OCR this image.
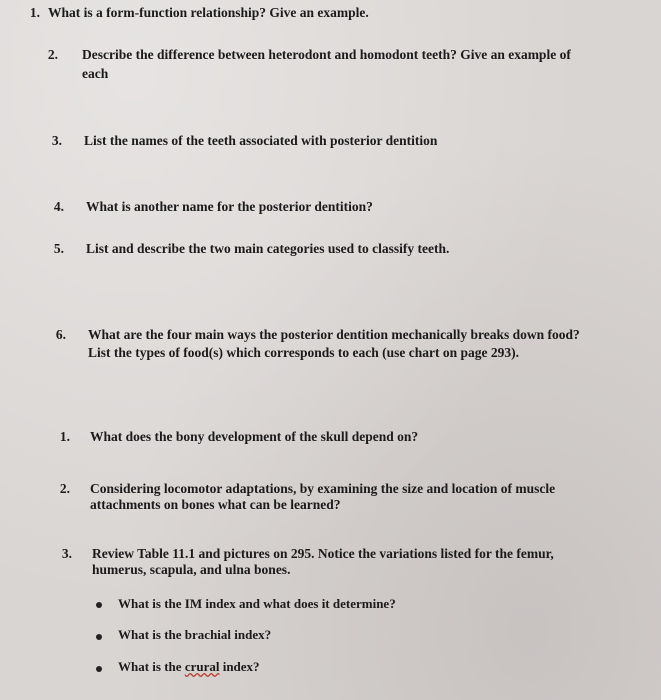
1. What is a form-function relationship? Give an example.
2. Describe the difference between heterodont and homodont teeth? Give an example of
each
3. List the names of the teeth associated with posterior dentition
4. What is another name for the posterior dentition?
5. List and describe the two main categories used to classify teeth.
6. What are the four main ways the posterior dentition mechanically breaks down food?
List the types of food(s) which corresponds to each (use chart on page 293).
1. What does the bony development of the skull depend on?
2. Considering locomotor adaptations, by examining the size and location of muscle
attachments on bones what can be learned?
3. Review Table 11.1 and pictures on 295. Notice the variations listed for the femur,
humerus, scapula, and ulna bones.
What is the IM index and what does it determine?
What is the brachial index?
What is the crural index?
